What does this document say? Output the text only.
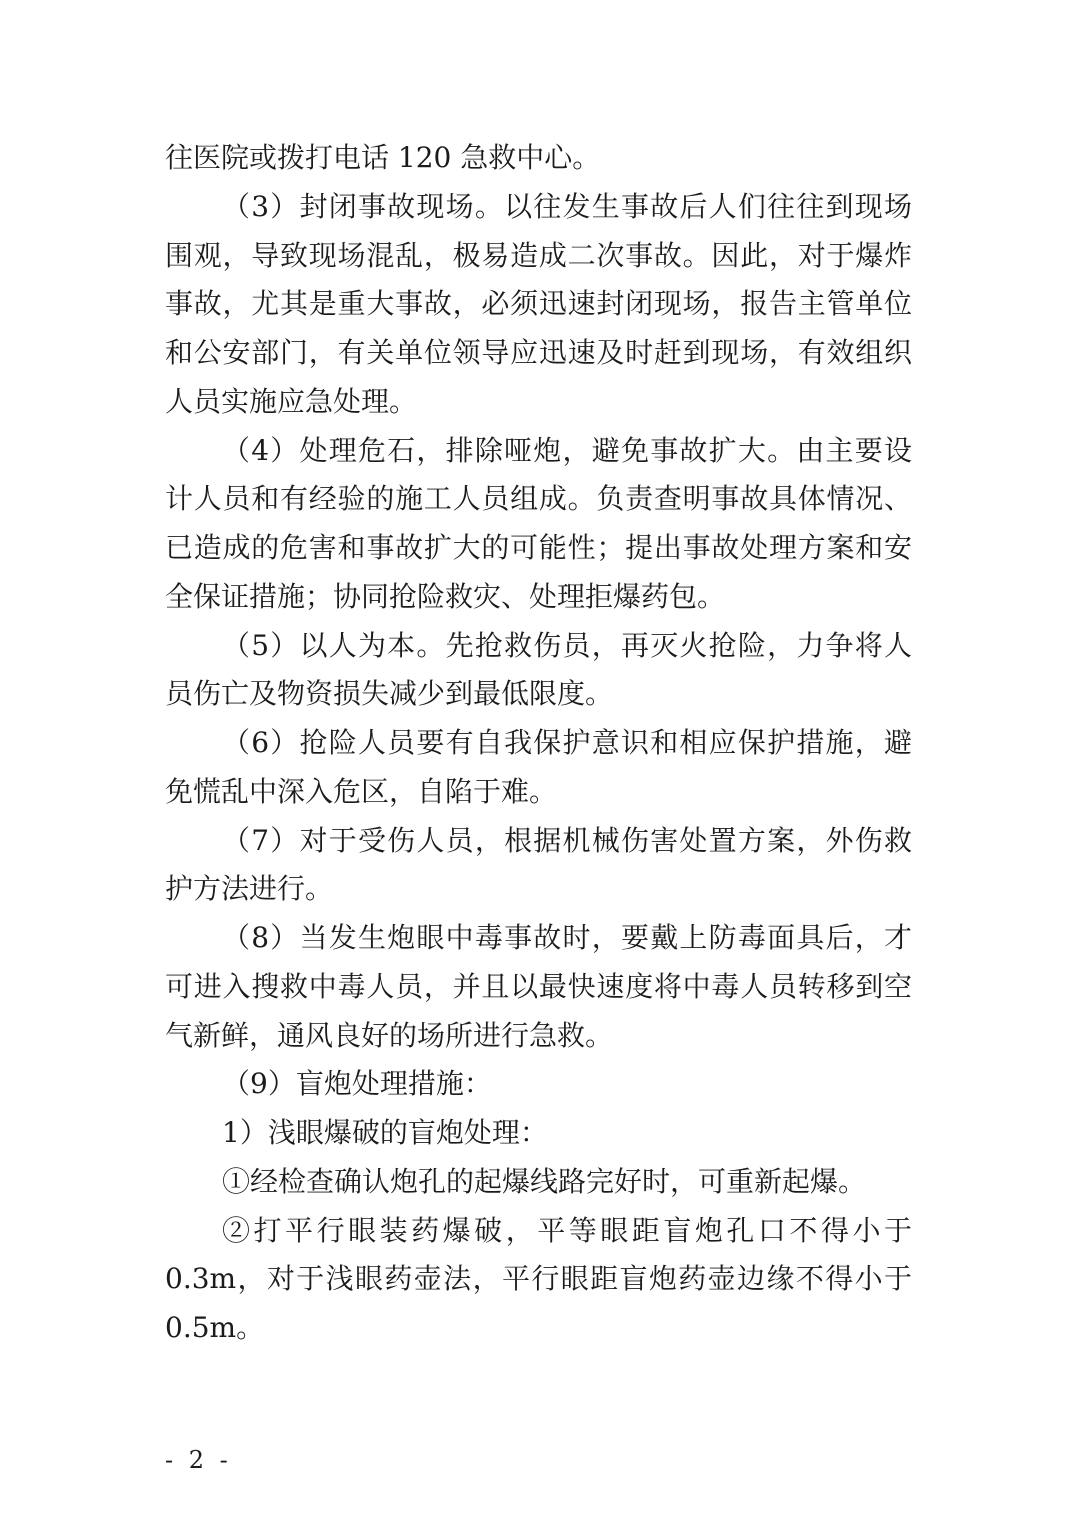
往医院或拨打电话 120 急救中心。
（3）封闭事故现场。以往发生事故后人们往往到现场
围观，导致现场混乱，极易造成二次事故。因此，对于爆炸
事故，尤其是重大事故，必须迅速封闭现场，报告主管单位
和公安部门，有关单位领导应迅速及时赶到现场，有效组织
人员实施应急处理。
（4）处理危石，排除哑炮，避免事故扩大。由主要设
计人员和有经验的施工人员组成。负责查明事故具体情况、
已造成的危害和事故扩大的可能性；提出事故处理方案和安
全保证措施；协同抢险救灾、处理拒爆药包。
（5）以人为本。先抢救伤员，再灭火抢险，力争将人
员伤亡及物资损失减少到最低限度。
（6）抢险人员要有自我保护意识和相应保护措施，避
免慌乱中深入危区，自陷于难。
（7）对于受伤人员，根据机械伤害处置方案，外伤救
护方法进行。
（8）当发生炮眼中毒事故时，要戴上防毒面具后，才
可进入搜救中毒人员，并且以最快速度将中毒人员转移到空
气新鲜，通风良好的场所进行急救。
（9）盲炮处理措施：
1）浅眼爆破的盲炮处理：
①经检查确认炮孔的起爆线路完好时，可重新起爆。
②打平行眼装药爆破，平等眼距盲炮孔口不得小于
0.3m，对于浅眼药壶法，平行眼距盲炮药壶边缘不得小于
0.5m。
- 2 -
